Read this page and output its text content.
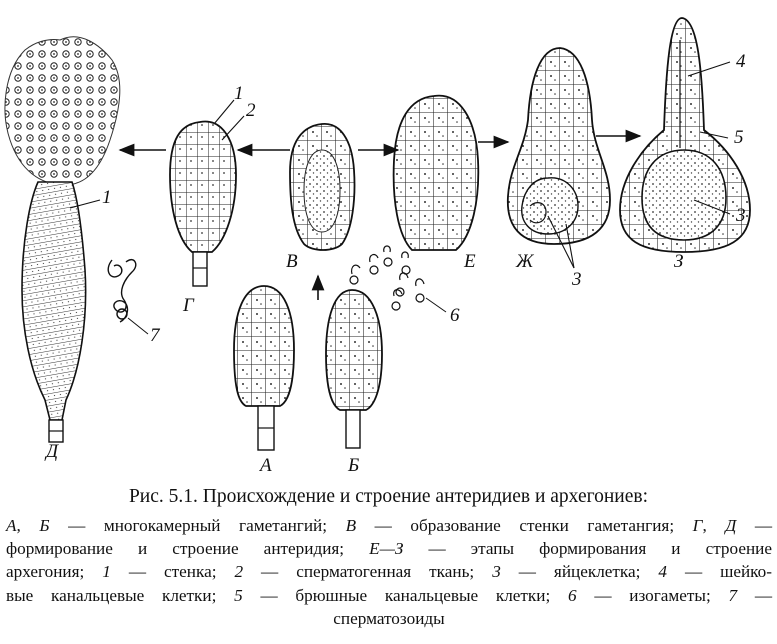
А	Б
В
Г
Д
Е Ж	З
1
1
2
3
3
4
5
6
7
Рис. 5.1. Происхождение и строение антеридиев и архегониев:
А, Б — многокамерный гаметангий; В — образование стенки гаметангия; Г, Д —
формирование и строение антеридия; Е—З — этапы формирования и строение
архегония; 1 — стенка; 2 — сперматогенная ткань; 3 — яйцеклетка; 4 — шейко-
вые канальцевые клетки; 5 — брюшные канальцевые клетки; 6 — изогаметы; 7 —
сперматозоиды
